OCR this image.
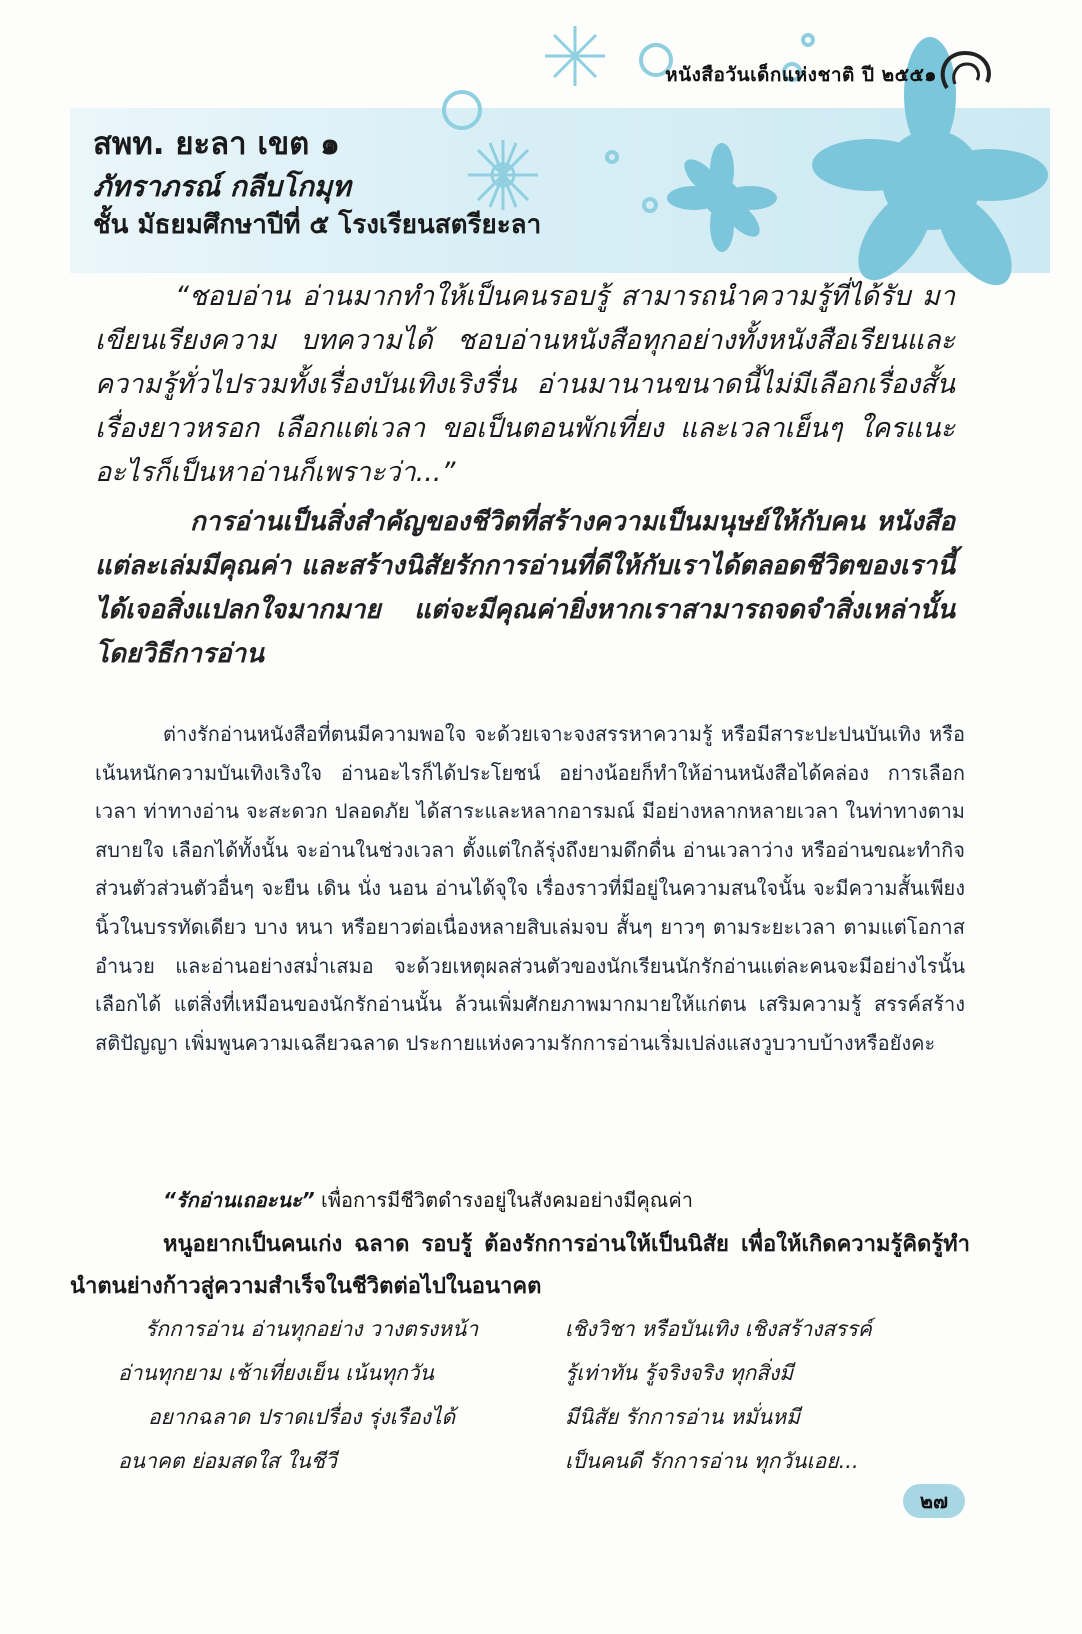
หนังสือวันเด็กแห่งชาติ ปี ๒๕๕๑
สพท. ยะลา เขต ๑
ภัทราภรณ์ กลีบโกมุท
ชั้น มัธยมศึกษาปีที่ ๕ โรงเรียนสตรียะลา

“ชอบอ่าน อ่านมากทำให้เป็นคนรอบรู้ สามารถนำความรู้ที่ได้รับ มาเขียนเรียงความ บทความได้ ชอบอ่านหนังสือทุกอย่างทั้งหนังสือเรียนและความรู้ทั่วไปรวมทั้งเรื่องบันเทิงเริงรื่น อ่านมานานขนาดนี้ไม่มีเลือกเรื่องสั้นเรื่องยาวหรอก เลือกแต่เวลา ขอเป็นตอนพักเที่ยง และเวลาเย็นๆ ใครแนะอะไรก็เป็นหาอ่านก็เพราะว่า...”

การอ่านเป็นสิ่งสำคัญของชีวิตที่สร้างความเป็นมนุษย์ให้กับคน หนังสือแต่ละเล่มมีคุณค่า และสร้างนิสัยรักการอ่านที่ดีให้กับเราได้ตลอดชีวิตของเรานี้ได้เจอสิ่งแปลกใจมากมาย แต่จะมีคุณค่ายิ่งหากเราสามารถจดจำสิ่งเหล่านั้นโดยวิธีการอ่าน

ต่างรักอ่านหนังสือที่ตนมีความพอใจ จะด้วยเจาะจงสรรหาความรู้ หรือมีสาระปะปนบันเทิง หรือเน้นหนักความบันเทิงเริงใจ อ่านอะไรก็ได้ประโยชน์ อย่างน้อยก็ทำให้อ่านหนังสือได้คล่อง การเลือกเวลา ท่าทางอ่าน จะสะดวก ปลอดภัย ได้สาระและหลากอารมณ์ มีอย่างหลากหลายเวลา ในท่าทางตามสบายใจ เลือกได้ทั้งนั้น จะอ่านในช่วงเวลา ตั้งแต่ใกล้รุ่งถึงยามดึกดื่น อ่านเวลาว่าง หรืออ่านขณะทำกิจส่วนตัวส่วนตัวอื่นๆ จะยืน เดิน นั่ง นอน อ่านได้จุใจ เรื่องราวที่มีอยู่ในความสนใจนั้น จะมีความสั้นเพียงนิ้วในบรรทัดเดียว บาง หนา หรือยาวต่อเนื่องหลายสิบเล่มจบ สั้นๆ ยาวๆ ตามระยะเวลา ตามแต่โอกาสอำนวย และอ่านอย่างสม่ำเสมอ จะด้วยเหตุผลส่วนตัวของนักเรียนนักรักอ่านแต่ละคนจะมีอย่างไรนั้นเลือกได้ แต่สิ่งที่เหมือนของนักรักอ่านนั้น ล้วนเพิ่มศักยภาพมากมายให้แก่ตน เสริมความรู้ สรรค์สร้างสติปัญญา เพิ่มพูนความเฉลียวฉลาด ประกายแห่งความรักการอ่านเริ่มเปล่งแสงวูบวาบบ้างหรือยังคะ

“รักอ่านเถอะนะ” เพื่อการมีชีวิตดำรงอยู่ในสังคมอย่างมีคุณค่า

หนูอยากเป็นคนเก่ง ฉลาด รอบรู้ ต้องรักการอ่านให้เป็นนิสัย เพื่อให้เกิดความรู้คิดรู้ทำ นำตนย่างก้าวสู่ความสำเร็จในชีวิตต่อไปในอนาคต

รักการอ่าน อ่านทุกอย่าง วางตรงหน้า	เชิงวิชา หรือบันเทิง เชิงสร้างสรรค์
อ่านทุกยาม เช้าเที่ยงเย็น เน้นทุกวัน	รู้เท่าทัน รู้จริงจริง ทุกสิ่งมี
อยากฉลาด ปราดเปรื่อง รุ่งเรืองได้	มีนิสัย รักการอ่าน หมั่นหมี
อนาคต ย่อมสดใส ในชีวี	เป็นคนดี รักการอ่าน ทุกวันเอย...
๒๗
